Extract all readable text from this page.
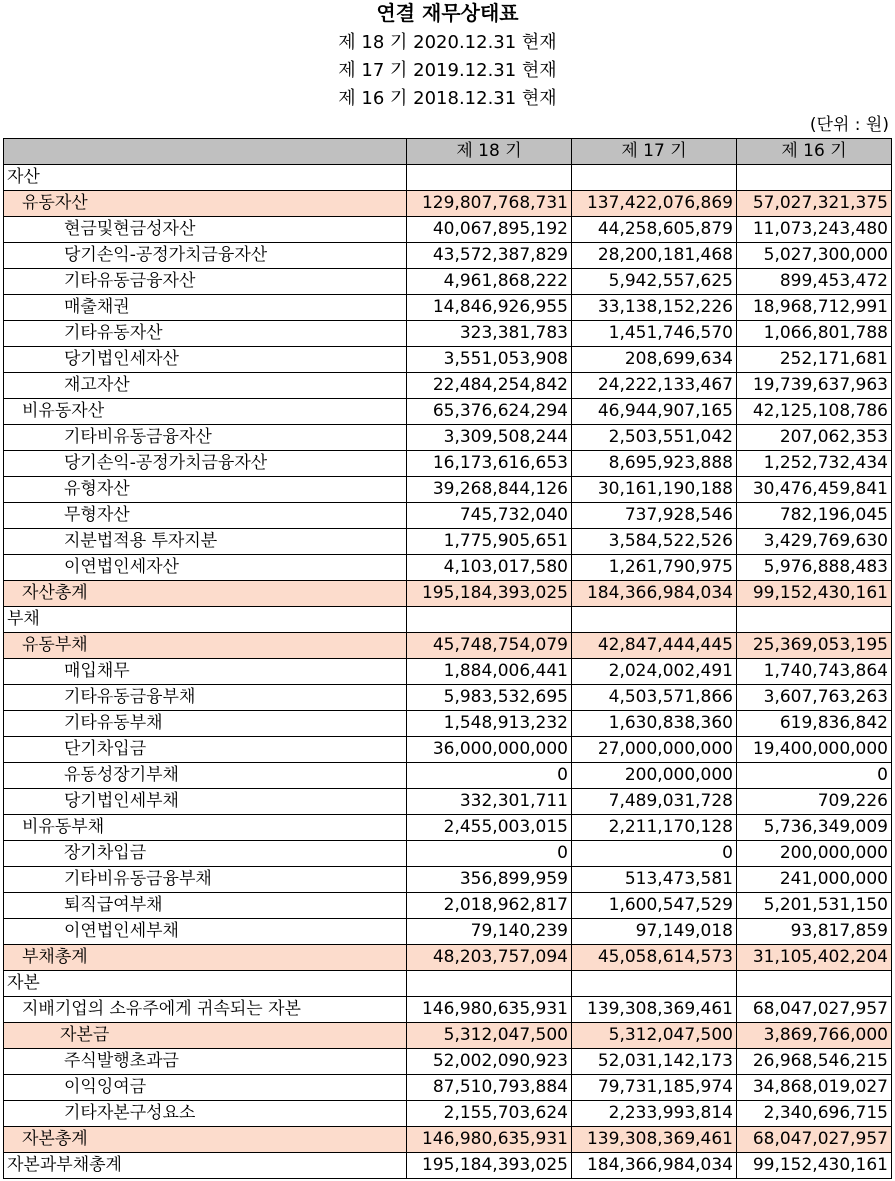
연결 재무상태표
제 18 기 2020.12.31 현재
제 17 기 2019.12.31 현재
제 16 기 2018.12.31 현재
(단위 : 원)
	제 18 기	제 17 기	제 16 기
자산			
유동자산	129,807,768,731	137,422,076,869	57,027,321,375
현금및현금성자산	40,067,895,192	44,258,605,879	11,073,243,480
당기손익-공정가치금융자산	43,572,387,829	28,200,181,468	5,027,300,000
기타유동금융자산	4,961,868,222	5,942,557,625	899,453,472
매출채권	14,846,926,955	33,138,152,226	18,968,712,991
기타유동자산	323,381,783	1,451,746,570	1,066,801,788
당기법인세자산	3,551,053,908	208,699,634	252,171,681
재고자산	22,484,254,842	24,222,133,467	19,739,637,963
비유동자산	65,376,624,294	46,944,907,165	42,125,108,786
기타비유동금융자산	3,309,508,244	2,503,551,042	207,062,353
당기손익-공정가치금융자산	16,173,616,653	8,695,923,888	1,252,732,434
유형자산	39,268,844,126	30,161,190,188	30,476,459,841
무형자산	745,732,040	737,928,546	782,196,045
지분법적용 투자지분	1,775,905,651	3,584,522,526	3,429,769,630
이연법인세자산	4,103,017,580	1,261,790,975	5,976,888,483
자산총계	195,184,393,025	184,366,984,034	99,152,430,161
부채			
유동부채	45,748,754,079	42,847,444,445	25,369,053,195
매입채무	1,884,006,441	2,024,002,491	1,740,743,864
기타유동금융부채	5,983,532,695	4,503,571,866	3,607,763,263
기타유동부채	1,548,913,232	1,630,838,360	619,836,842
단기차입금	36,000,000,000	27,000,000,000	19,400,000,000
유동성장기부채	0	200,000,000	0
당기법인세부채	332,301,711	7,489,031,728	709,226
비유동부채	2,455,003,015	2,211,170,128	5,736,349,009
장기차입금	0	0	200,000,000
기타비유동금융부채	356,899,959	513,473,581	241,000,000
퇴직급여부채	2,018,962,817	1,600,547,529	5,201,531,150
이연법인세부채	79,140,239	97,149,018	93,817,859
부채총계	48,203,757,094	45,058,614,573	31,105,402,204
자본			
지배기업의 소유주에게 귀속되는 자본	146,980,635,931	139,308,369,461	68,047,027,957
자본금	5,312,047,500	5,312,047,500	3,869,766,000
주식발행초과금	52,002,090,923	52,031,142,173	26,968,546,215
이익잉여금	87,510,793,884	79,731,185,974	34,868,019,027
기타자본구성요소	2,155,703,624	2,233,993,814	2,340,696,715
자본총계	146,980,635,931	139,308,369,461	68,047,027,957
자본과부채총계	195,184,393,025	184,366,984,034	99,152,430,161
